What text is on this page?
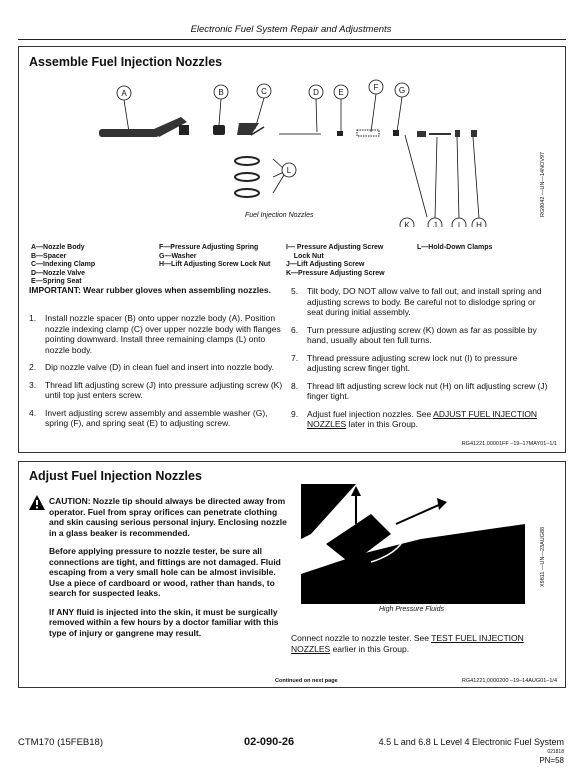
Electronic Fuel System Repair and Adjustments
Assemble Fuel Injection Nozzles
A	B	C	D E
F	G
K	J	I H
L	RG9042 —UN—14NOV97
Fuel Injection Nozzles

A—Nozzle Body
B—Spacer
C—Indexing Clamp
D—Nozzle Valve
E—Spring Seat

F—Pressure Adjusting Spring
G—Washer
H—Lift Adjusting Screw Lock Nut

I— Pressure Adjusting Screw
Lock Nut
J—Lift Adjusting Screw
K—Pressure Adjusting Screw

L—Hold-Down Clamps

IMPORTANT: Wear rubber gloves when assembling nozzles.
1. Install nozzle spacer (B) onto upper nozzle body (A). Position nozzle indexing clamp (C) over upper nozzle body with flanges pointing downward. Install three remaining clamps (L) onto nozzle body.
2. Dip nozzle valve (D) in clean fuel and insert into nozzle body.
3. Thread lift adjusting screw (J) into pressure adjusting screw (K) until top just enters screw.
4. Invert adjusting screw assembly and assemble washer (G), spring (F), and spring seat (E) to adjusting screw.
5. Tilt body, DO NOT allow valve to fall out, and install spring and adjusting screws to body. Be careful not to dislodge spring or seat during initial assembly.
6. Turn pressure adjusting screw (K) down as far as possible by hand, usually about ten full turns.
7. Thread pressure adjusting screw lock nut (I) to pressure adjusting screw finger tight.
8. Thread lift adjusting screw lock nut (H) on lift adjusting screw (J) finger tight.
9. Adjust fuel injection nozzles. See ADJUST FUEL INJECTION NOZZLES later in this Group.
RG41221,00001FF –19–17MAY01–1/1
Adjust Fuel Injection Nozzles

CAUTION: Nozzle tip should always be directed away from operator. Fuel from spray orifices can penetrate clothing and skin causing serious personal injury. Enclosing nozzle in a glass beaker is recommended.

Before applying pressure to nozzle tester, be sure all connections are tight, and fittings are not damaged. Fluid escaping from a very small hole can be almost invisible. Use a piece of cardboard or wood, rather than hands, to search for suspected leaks.

If ANY fluid is injected into the skin, it must be surgically removed within a few hours by a doctor familiar with this type of injury or gangrene may result.

High Pressure Fluids
X9811 —UN—23AUG88
Connect nozzle to nozzle tester. See TEST FUEL INJECTION NOZZLES earlier in this Group.
Continued on next page	RG41221,0000200 –19–14AUG01–1/4
CTM170 (15FEB18)	02-090-26	4.5 L and 6.8 L Level 4 Electronic Fuel System
021818
PN=58
